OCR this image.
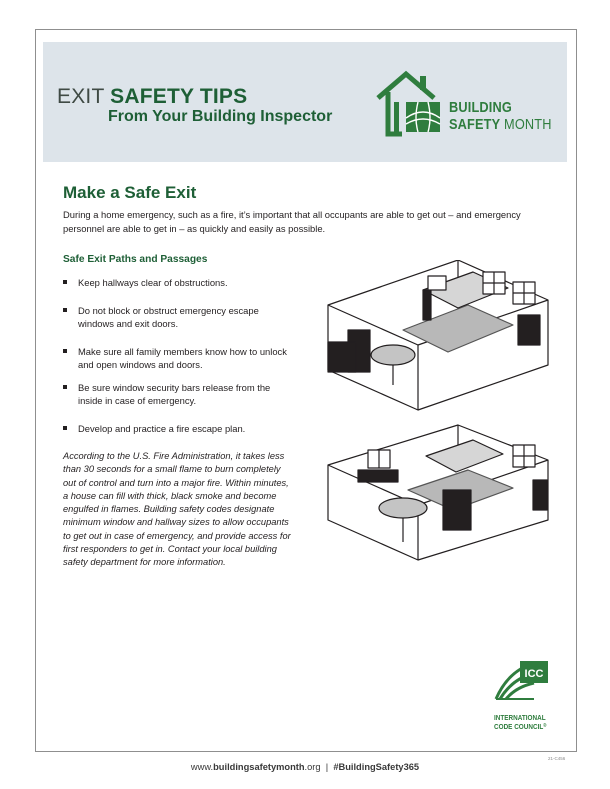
EXIT SAFETY TIPS
From Your Building Inspector
BUILDING
SAFETY MONTH
Make a Safe Exit
During a home emergency, such as a fire, it’s important that all occupants are able to get out – and emergency personnel are able to get in – as quickly and easily as possible.
Safe Exit Paths and Passages
Keep hallways clear of obstructions.
Do not block or obstruct emergency escape windows and exit doors.
Make sure all family members know how to unlock and open windows and doors.
Be sure window security bars release from the inside in case of emergency.
Develop and practice a fire escape plan.
According to the U.S. Fire Administration, it takes less than 30 seconds for a small flame to burn completely out of control and turn into a major fire. Within minutes, a house can fill with thick, black smoke and become engulfed in flames. Building safety codes designate minimum window and hallway sizes to allow occupants to get out in case of emergency, and provide access for first responders to get in. Contact your local building safety department for more information.
ICC
INTERNATIONAL
CODE COUNCIL®
www.buildingsafetymonth.org  |  #BuildingSafety365
21-C456
